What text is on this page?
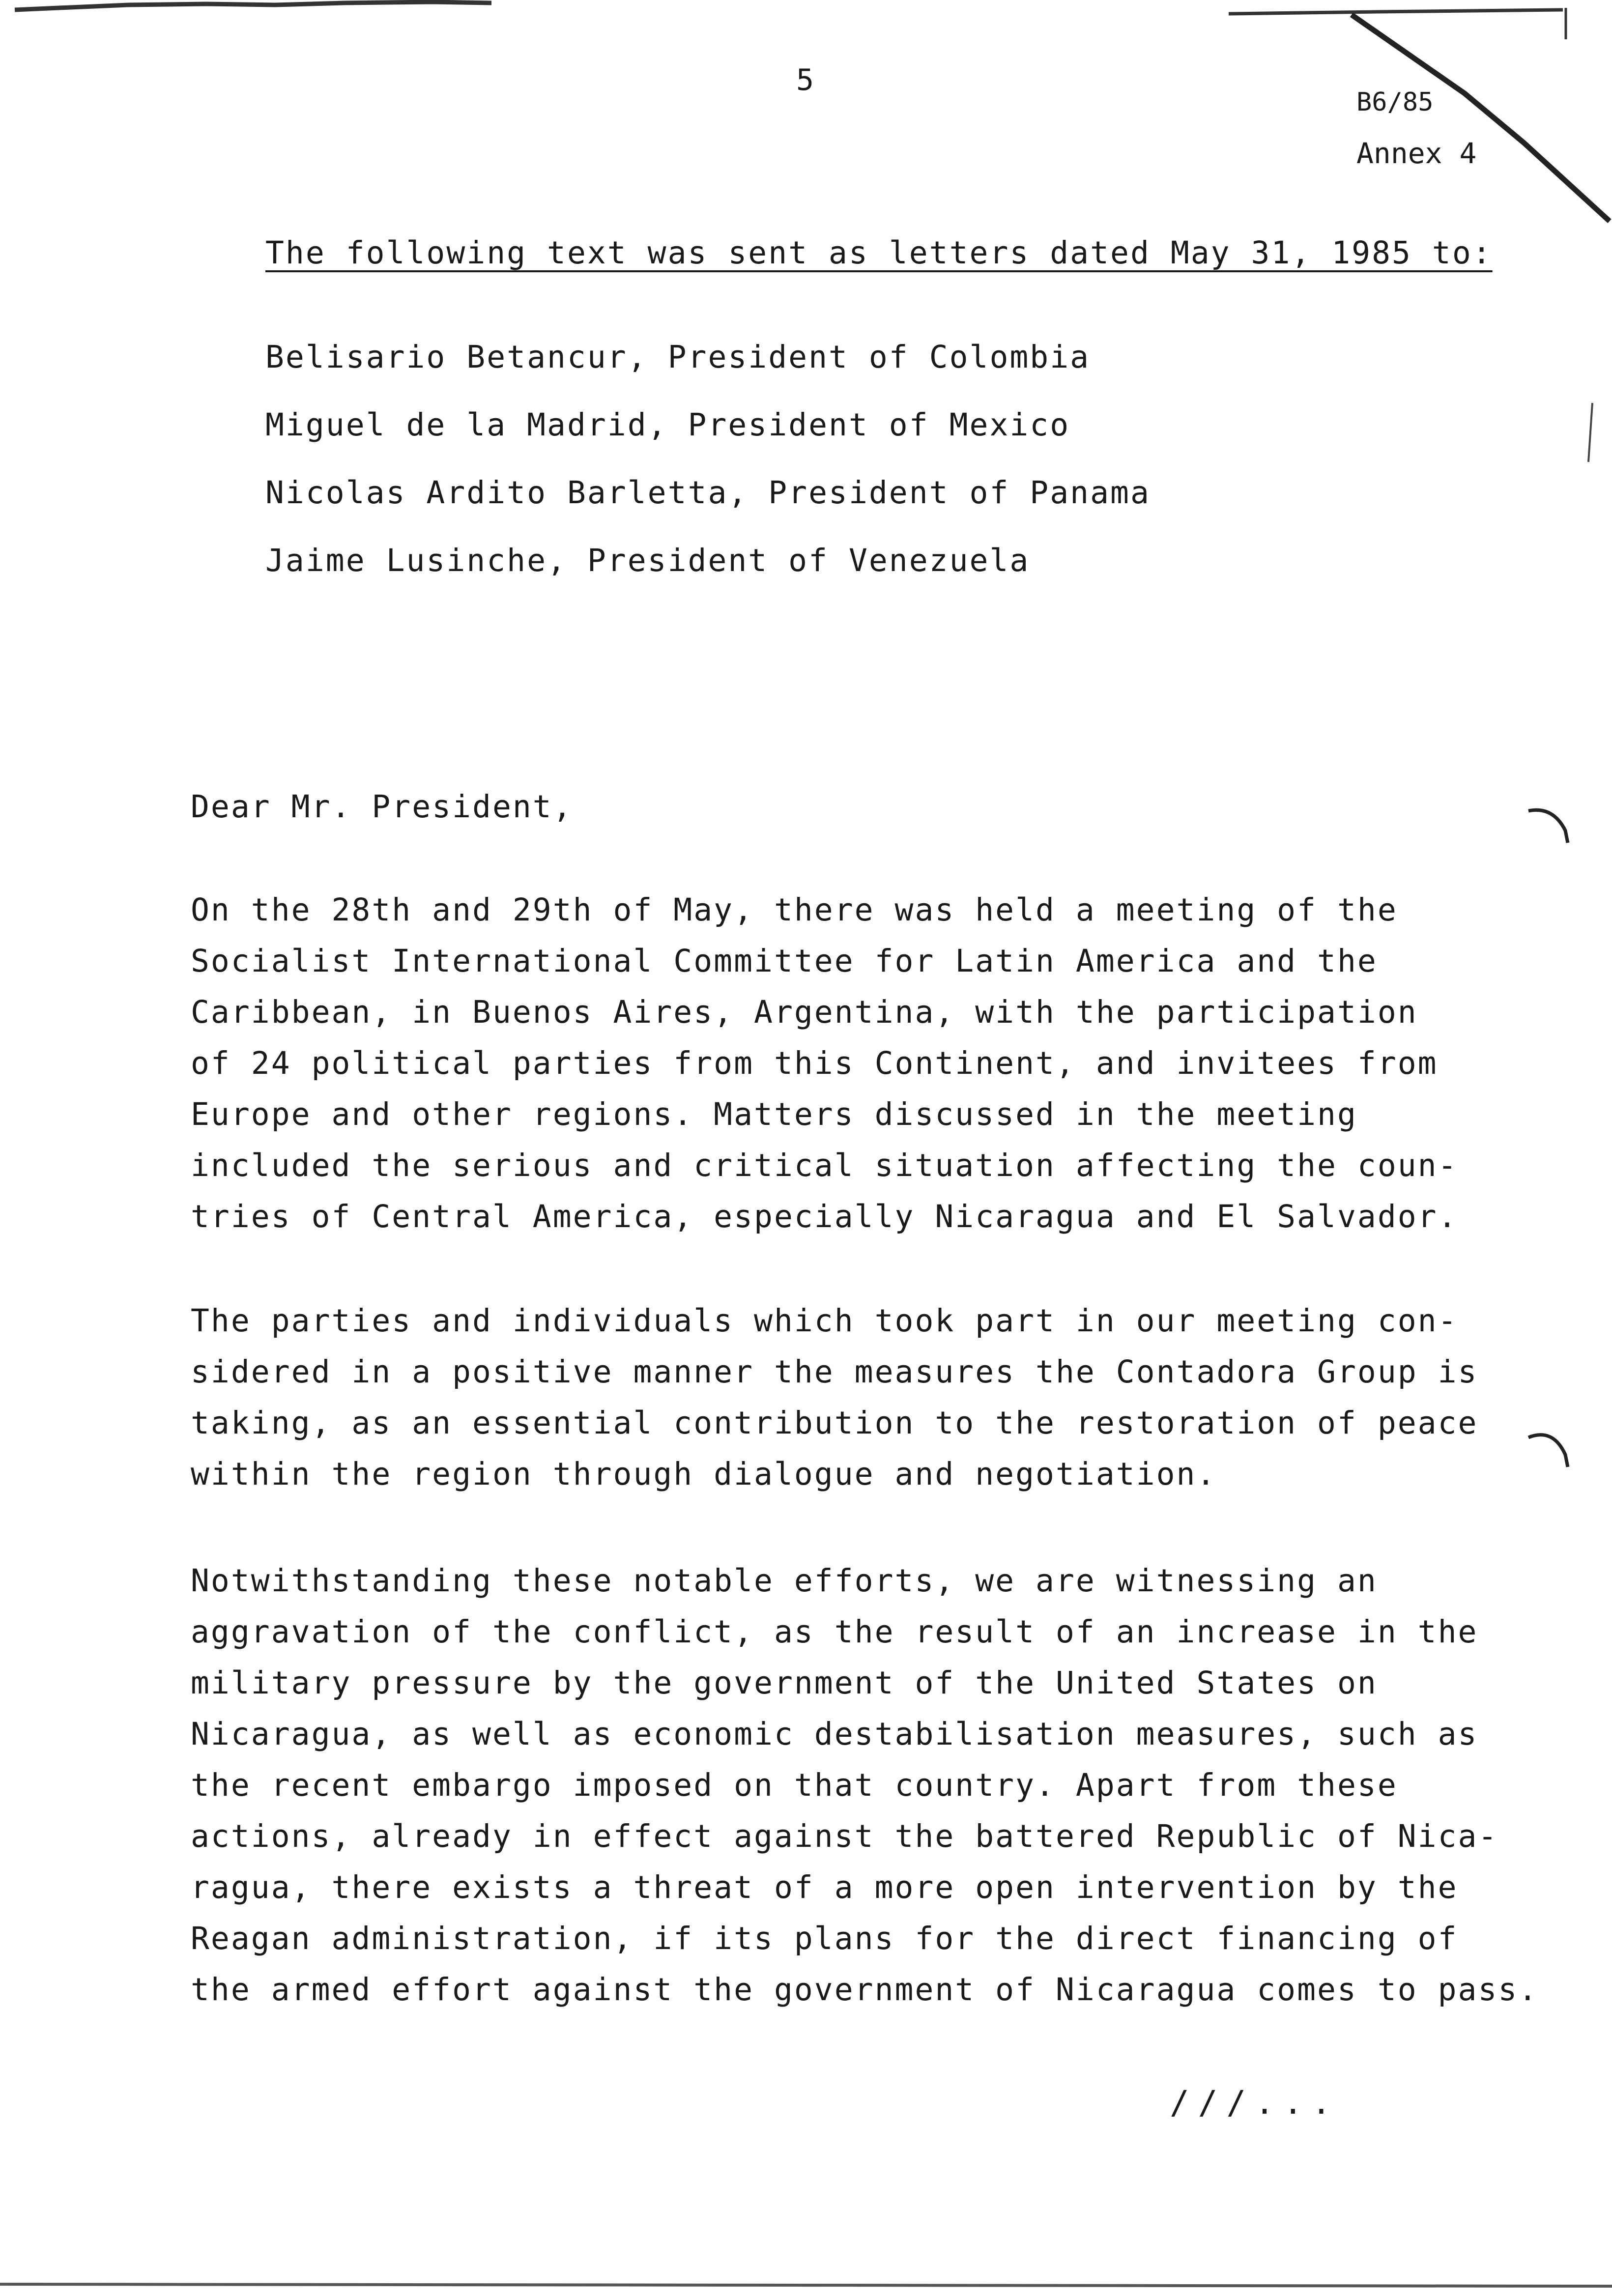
5

B6/85

Annex 4

The following text was sent as letters dated May 31, 1985 to:

Belisario Betancur, President of Colombia
Miguel de la Madrid, President of Mexico
Nicolas Ardito Barletta, President of Panama
Jaime Lusinche, President of Venezuela

Dear Mr. President,

On the 28th and 29th of May, there was held a meeting of the
Socialist International Committee for Latin America and the
Caribbean, in Buenos Aires, Argentina, with the participation
of 24 political parties from this Continent, and invitees from
Europe and other regions. Matters discussed in the meeting
included the serious and critical situation affecting the coun-
tries of Central America, especially Nicaragua and El Salvador.
The parties and individuals which took part in our meeting con-
sidered in a positive manner the measures the Contadora Group is
taking, as an essential contribution to the restoration of peace
within the region through dialogue and negotiation.
Notwithstanding these notable efforts, we are witnessing an
aggravation of the conflict, as the result of an increase in the
military pressure by the government of the United States on
Nicaragua, as well as economic destabilisation measures, such as
the recent embargo imposed on that country. Apart from these
actions, already in effect against the battered Republic of Nica-
ragua, there exists a threat of a more open intervention by the
Reagan administration, if its plans for the direct financing of
the armed effort against the government of Nicaragua comes to pass.

///...
